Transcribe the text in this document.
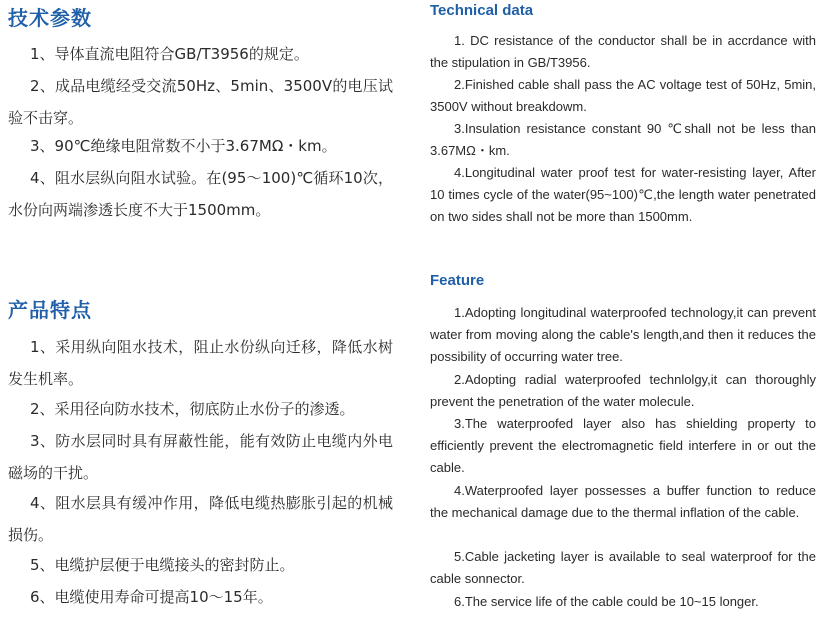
技术参数

1、导体直流电阻符合GB/T3956的规定。

2、成品电缆经受交流50Hz、5min、3500V的电压试验不击穿。

3、90℃绝缘电阻常数不小于3.67MΩ・km。

4、阻水层纵向阻水试验。在(95～100)℃循环10次，水份向两端渗透长度不大于1500mm。

产品特点

1、采用纵向阻水技术，阻止水份纵向迁移，降低水树发生机率。

2、采用径向防水技术，彻底防止水份子的渗透。

3、防水层同时具有屏蔽性能，能有效防止电缆内外电磁场的干扰。

4、阻水层具有缓冲作用，降低电缆热膨胀引起的机械损伤。

5、电缆护层便于电缆接头的密封防止。

6、电缆使用寿命可提高10～15年。

Technical data

1. DC resistance of the conductor shall be in accrdance with the stipulation in GB/T3956.

2.Finished cable shall pass the AC voltage test of 50Hz, 5min, 3500V without breakdowm.

3.Insulation resistance constant 90 ℃shall not be less than 3.67MΩ・km.

4.Longitudinal water proof test for water-resisting layer, After 10 times cycle of the water(95~100)℃,the length water penetrated on two sides shall not be more than 1500mm.

Feature

1.Adopting longitudinal waterproofed technology,it can prevent water from moving along the cable's length,and then it reduces the possibility of occurring water tree.

2.Adopting radial waterproofed technlolgy,it can thoroughly prevent the penetration of the water molecule.

3.The waterproofed layer also has shielding property to efficiently prevent the electromagnetic field interfere in or out the cable.

4.Waterproofed layer possesses a buffer function to reduce the mechanical damage due to the thermal inflation of the cable.

5.Cable jacketing layer is available to seal waterproof for the cable sonnector.

6.The service life of the cable could be 10~15 longer.
